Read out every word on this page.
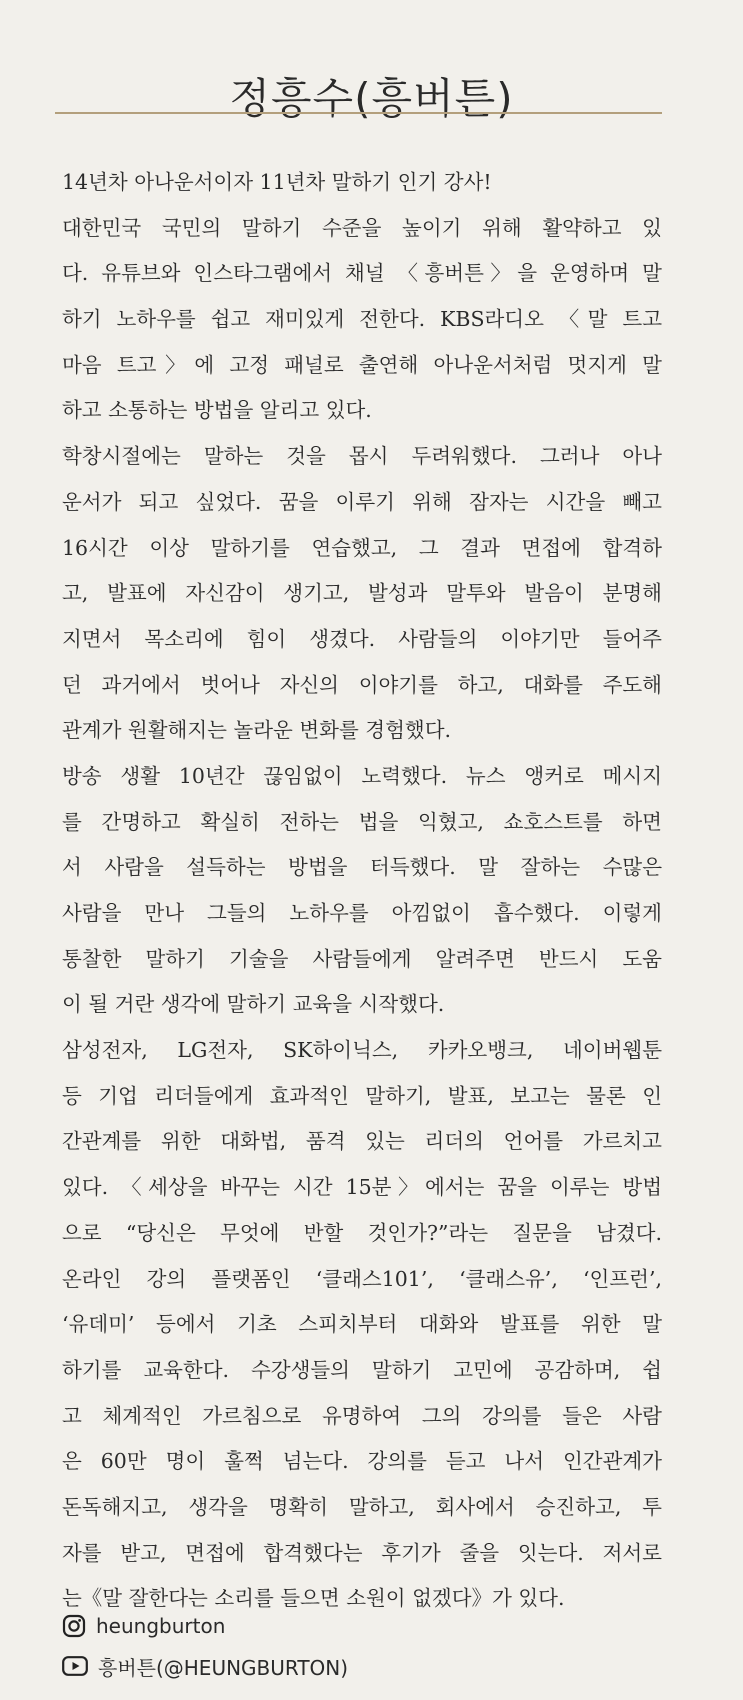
정흥수(흥버튼)
14년차 아나운서이자 11년차 말하기 인기 강사!
대한민국 국민의 말하기 수준을 높이기 위해 활약하고 있
다. 유튜브와 인스타그램에서 채널 〈흥버튼〉을 운영하며 말
하기 노하우를 쉽고 재미있게 전한다. KBS라디오 〈말 트고
마음 트고〉에 고정 패널로 출연해 아나운서처럼 멋지게 말
하고 소통하는 방법을 알리고 있다.
학창시절에는 말하는 것을 몹시 두려워했다. 그러나 아나
운서가 되고 싶었다. 꿈을 이루기 위해 잠자는 시간을 빼고
16시간 이상 말하기를 연습했고, 그 결과 면접에 합격하
고, 발표에 자신감이 생기고, 발성과 말투와 발음이 분명해
지면서 목소리에 힘이 생겼다. 사람들의 이야기만 들어주
던 과거에서 벗어나 자신의 이야기를 하고, 대화를 주도해
관계가 원활해지는 놀라운 변화를 경험했다.
방송 생활 10년간 끊임없이 노력했다. 뉴스 앵커로 메시지
를 간명하고 확실히 전하는 법을 익혔고, 쇼호스트를 하면
서 사람을 설득하는 방법을 터득했다. 말 잘하는 수많은
사람을 만나 그들의 노하우를 아낌없이 흡수했다. 이렇게
통찰한 말하기 기술을 사람들에게 알려주면 반드시 도움
이 될 거란 생각에 말하기 교육을 시작했다.
삼성전자, LG전자, SK하이닉스, 카카오뱅크, 네이버웹툰
등 기업 리더들에게 효과적인 말하기, 발표, 보고는 물론 인
간관계를 위한 대화법, 품격 있는 리더의 언어를 가르치고
있다. 〈세상을 바꾸는 시간 15분〉에서는 꿈을 이루는 방법
으로 “당신은 무엇에 반할 것인가?”라는 질문을 남겼다.
온라인 강의 플랫폼인 ‘클래스101’, ‘클래스유’, ‘인프런’,
‘유데미’ 등에서 기초 스피치부터 대화와 발표를 위한 말
하기를 교육한다. 수강생들의 말하기 고민에 공감하며, 쉽
고 체계적인 가르침으로 유명하여 그의 강의를 들은 사람
은 60만 명이 훌쩍 넘는다. 강의를 듣고 나서 인간관계가
돈독해지고, 생각을 명확히 말하고, 회사에서 승진하고, 투
자를 받고, 면접에 합격했다는 후기가 줄을 잇는다. 저서로
는《말 잘한다는 소리를 들으면 소원이 없겠다》가 있다.
heungburton
흥버튼(@HEUNGBURTON)
